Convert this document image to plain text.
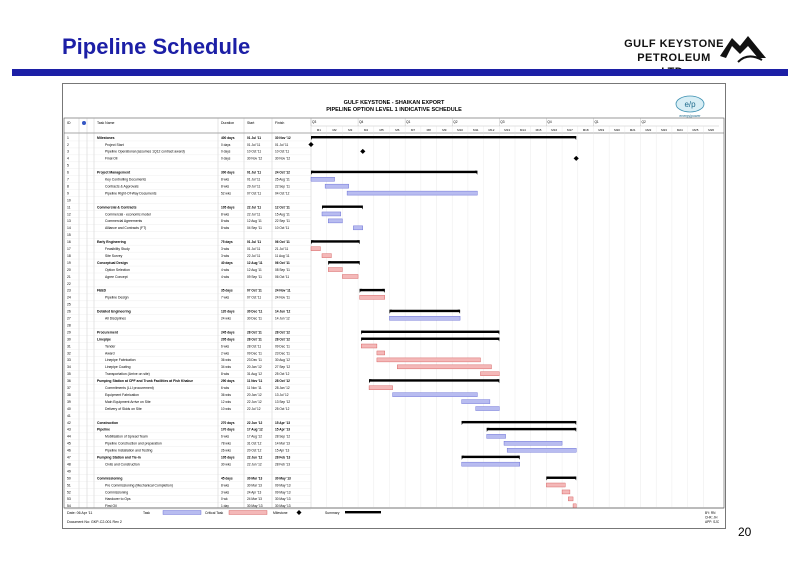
Pipeline Schedule	GULF KEYSTONE
PETROLEUM
GULF KEYSTONE - SHAIKAN EXPORT
PIPELINE OPTION LEVEL 1 INDICATIVE SCHEDULE
e/p
energy|power
ID	Task Name	Duration	Start	Finish	Q3	Q4	Q1	Q2	Q3	Q4	Q1	Q2
M1	M2	M3	M4	M5	M6	M7	M8	M9	M10	M11	M12	M13	M14	M15	M16	M17	M18	M19	M20	M21	M22	M23	M24	M25	M26
1	Milestones	400 days	01 Jul '11	30 Nov '12
2	Project Start	0 days	01 Jul '11	01 Jul '11
3	Pipeline Operational (assumes 1Q12 contract award)	0 days	10 Oct '11	10 Oct '11
4	Final Oil	0 days	30 Nov '12	30 Nov '12
5
6	Project Management	300 days	01 Jul '11	24 Oct '12
7	Key Controlling Documents	8 wks	01 Jul '11	25 Aug '11
8	Contracts & Approvals	8 wks	29 Jul '11	22 Sep '11
9	Pipeline Right-Of-Way Documents	52 wks	07 Oct '11	04 Oct '12
10
11	Commercial & Contracts	105 days	22 Jul '11	12 Oct '11
12	Commercial - economic model	8 wks	22 Jul '11	15 Aug '11
13	Commercial Agreements	8 wks	12 Aug '11	22 Sep '11
14	Alliance and Contracts (FT)	8 wks	04 Sep '11	10 Oct '11
15
16	Early Engineering	75 days	01 Jul '11	06 Oct '11
17	Feasibility Study	3 wks	01 Jul '11	21 Jul '11
18	Site Survey	3 wks	22 Jul '11	11 Aug '11
19	Conceptual Design	40 days	12 Aug '11	06 Oct '11
20	Option Selection	4 wks	12 Aug '11	08 Sep '11
21	Agree Concept	4 wks	09 Sep '11	06 Oct '11
22
23	FEED	35 days	07 Oct '11	24 Nov '11
24	Pipeline Design	7 wks	07 Oct '11	24 Nov '11
25
26	Detailed Engineering	120 days	30 Dec '11	14 Jun '12
27	All Disciplines	24 wks	30 Dec '11	14 Jun '12
28
29	Procurement	245 days	28 Oct '11	28 Oct '12
30	Linepipe	205 days	28 Oct '11	28 Oct '12
31	Tender	6 wks	28 Oct '11	09 Dec '11
32	Award	2 wks	09 Dec '11	23 Dec '11
33	Linepipe Fabrication	36 wks	23 Dec '11	30 Aug '12
34	Linepipe Coating	34 wks	20 Jan '12	27 Sep '12
35	Transportation (Arrive on site)	8 wks	31 Aug '12	25 Oct '12
36	Pumping Station at CPF and Trunk Facilities at Fish Khabur	290 days	11 Nov '11	28 Oct '12
37	Commitments (LLI procurement)	6 wks	11 Nov '11	28 Jan '12
38	Equipment Fabrication	36 wks	20 Jan '12	13 Jul '12
39	Main Equipment Arrive on Site	12 wks	22 Jun '12	13 Sep '12
40	Delivery of Skids on Site	10 wks	22 Jul '12	25 Oct '12
41
42	Construction	270 days	22 Jun '12	15 Apr '13
43	Pipeline	170 days	17 Aug '12	15 Apr '13
44	Mobilisation of Spread Team	6 wks	17 Aug '12	28 Sep '12
45	Pipeline Construction and preparation	78 wks	31 Oct '12	14 Mar '13
46	Pipeline Installation and Testing	26 wks	20 Oct '12	15 Apr '13
47	Pumping Station and Tie-in	105 days	22 Jun '12	28 Feb '13
48	Civils and Construction	30 wks	22 Jun '12	28 Feb '13
49
50	Commissioning	45 days	30 Mar '13	30 May '13
51	Pre Commissioning (Mechanical Completion)	8 wks	30 Mar '13	09 May '13
52	Commissioning	3 wks	24 Apr '13	09 May '13
53	Handover to Ops	0 wk	24 Mar '13	30 May '13
54	First Oil	1 day	30 May '13	30 May '13
Date: 06 Apr '11
Document No: GKP-C2-001 Rev 2
Task	Critical Task	Milestone	Summary	BY: RN
CHK: JH
APP: SJC
20
